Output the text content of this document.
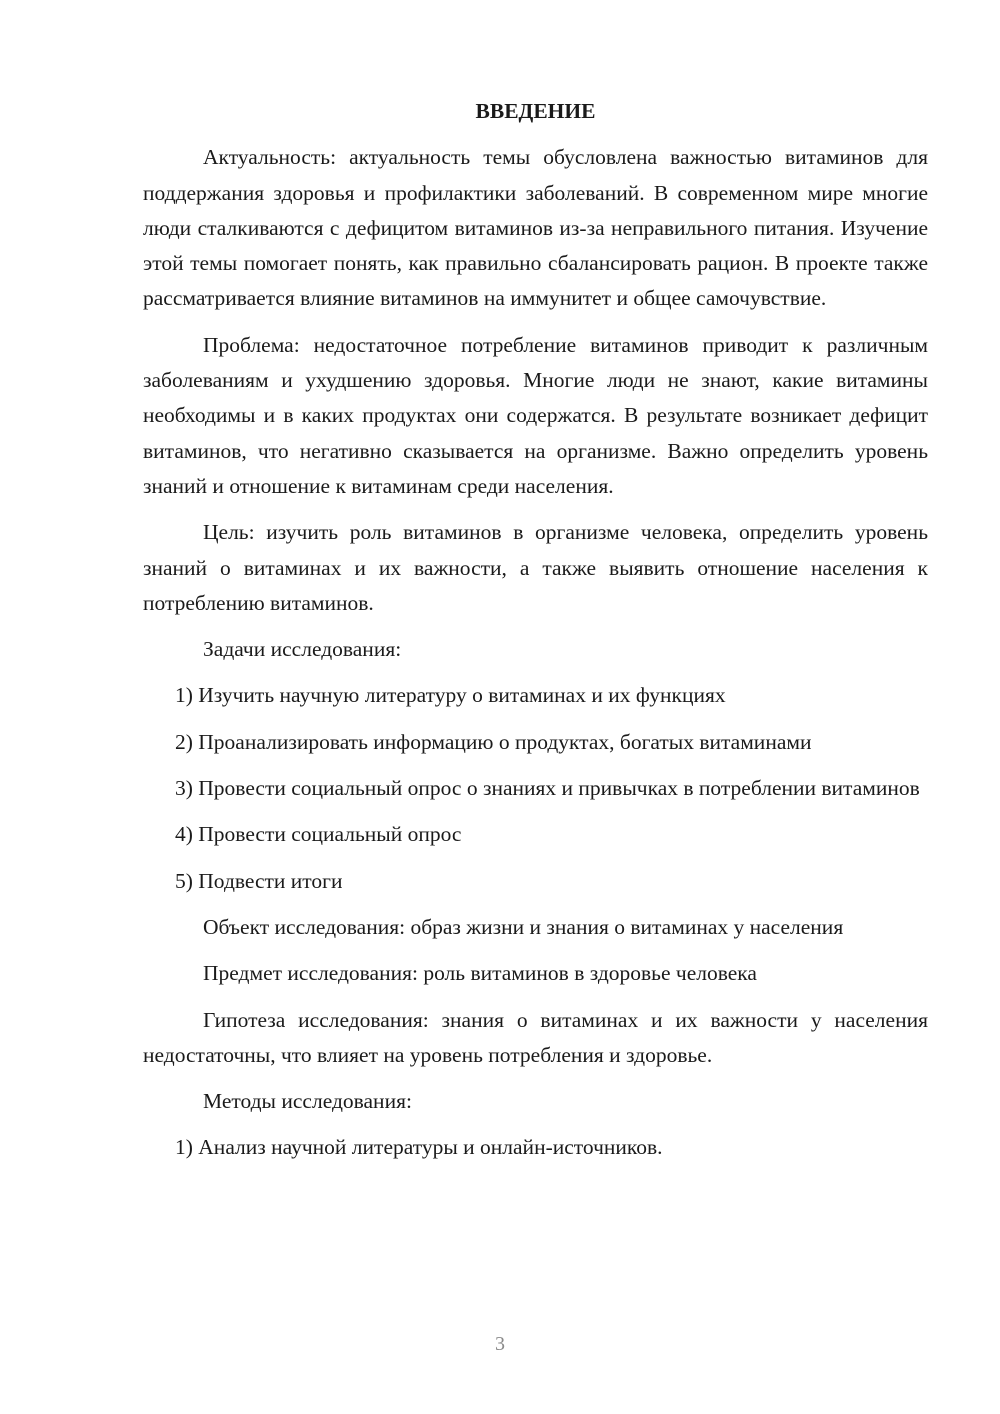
ВВЕДЕНИЕ

Актуальность: актуальность темы обусловлена важностью витаминов для поддержания здоровья и профилактики заболеваний. В современном мире многие люди сталкиваются с дефицитом витаминов из-за неправильного питания. Изучение этой темы помогает понять, как правильно сбалансировать рацион. В проекте также рассматривается влияние витаминов на иммунитет и общее самочувствие.

Проблема: недостаточное потребление витаминов приводит к различным заболеваниям и ухудшению здоровья. Многие люди не знают, какие витамины необходимы и в каких продуктах они содержатся. В результате возникает дефицит витаминов, что негативно сказывается на организме. Важно определить уровень знаний и отношение к витаминам среди населения.

Цель: изучить роль витаминов в организме человека, определить уровень знаний о витаминах и их важности, а также выявить отношение населения к потреблению витаминов.

Задачи исследования:

1) Изучить научную литературу о витаминах и их функциях

2) Проанализировать информацию о продуктах, богатых витаминами

3) Провести социальный опрос о знаниях и привычках в потреблении витаминов

4) Провести социальный опрос

5) Подвести итоги

Объект исследования: образ жизни и знания о витаминах у населения

Предмет исследования: роль витаминов в здоровье человека

Гипотеза исследования: знания о витаминах и их важности у населения недостаточны, что влияет на уровень потребления и здоровье.

Методы исследования:

1) Анализ научной литературы и онлайн-источников.

3
